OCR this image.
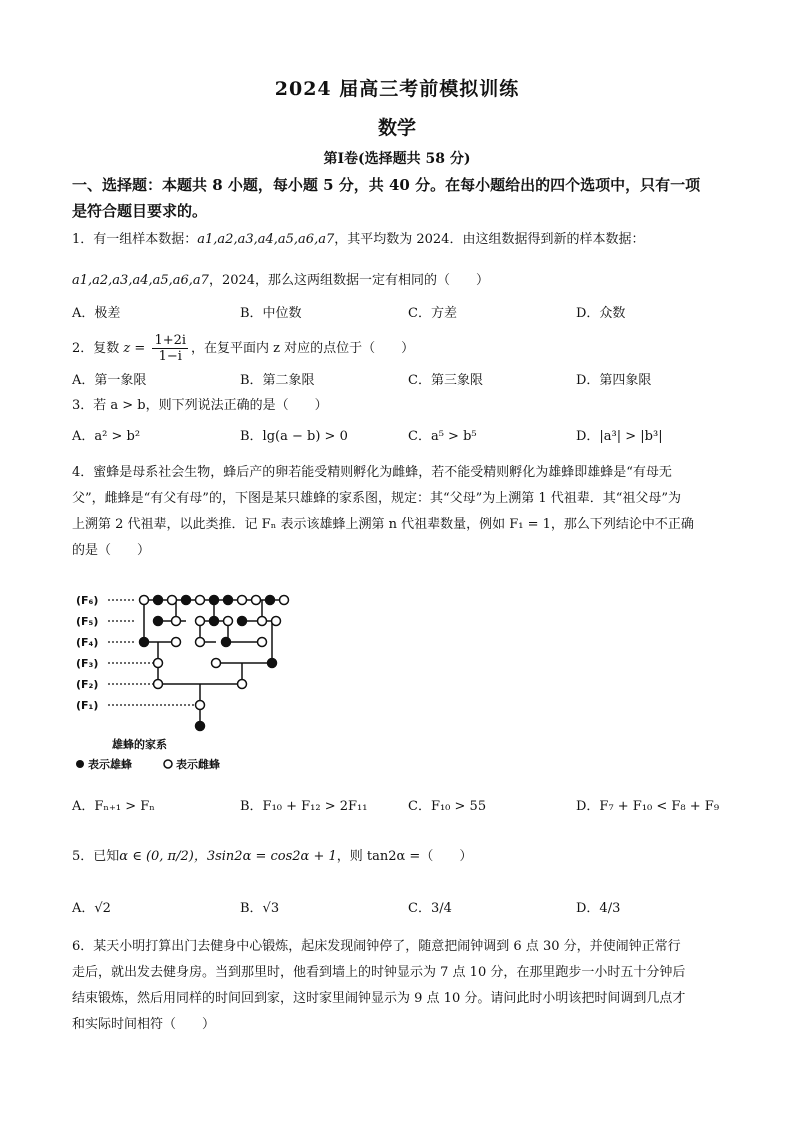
2024 届高三考前模拟训练
数学
第Ⅰ卷(选择题共 58 分)
一、选择题：本题共 8 小题，每小题 5 分，共 40 分。在每小题给出的四个选项中，只有一项
是符合题目要求的。
1．有一组样本数据：a1,a2,a3,a4,a5,a6,a7，其平均数为 2024．由这组数据得到新的样本数据：
a1,a2,a3,a4,a5,a6,a7，2024，那么这两组数据一定有相同的（　　）
A．极差	B．中位数	C．方差	D．众数
2．复数 $z = \frac{1+2i}{1-i}$ ，在复平面内 z 对应的点位于（　　）
A．第一象限	B．第二象限	C．第三象限	D．第四象限
3．若 a > b，则下列说法正确的是（　　）
A．a² > b²	B．lg(a − b) > 0	C．a⁵ > b⁵	D．|a³| > |b³|
4．蜜蜂是母系社会生物，蜂后产的卵若能受精则孵化为雌蜂，若不能受精则孵化为雄蜂即雄蜂是“有母无
父”，雌蜂是“有父有母”的，下图是某只雄蜂的家系图，规定：其“父母”为上溯第 1 代祖辈．其“祖父母”为
上溯第 2 代祖辈，以此类推．记 Fₙ 表示该雄蜂上溯第 n 代祖辈数量，例如 F₁ = 1，那么下列结论中不正确
的是（　　）
(F₆)
(F₅)
(F₄)
(F₃)
(F₂)
(F₁)
雄蜂的家系
表示雄蜂	表示雌蜂
A．Fₙ₊₁ > Fₙ	B．F₁₀ + F₁₂ > 2F₁₁	C．F₁₀ > 55	D．F₇ + F₁₀ < F₈ + F₉
5．已知α ∈ (0, π/2)，3sin2α = cos2α + 1，则 tan2α =（　　）
A．√2	B．√3	C．3/4	D．4/3
6．某天小明打算出门去健身中心锻炼，起床发现闹钟停了，随意把闹钟调到 6 点 30 分，并使闹钟正常行
走后，就出发去健身房。当到那里时，他看到墙上的时钟显示为 7 点 10 分，在那里跑步一小时五十分钟后
结束锻炼，然后用同样的时间回到家，这时家里闹钟显示为 9 点 10 分。请问此时小明该把时间调到几点才
和实际时间相符（　　）
